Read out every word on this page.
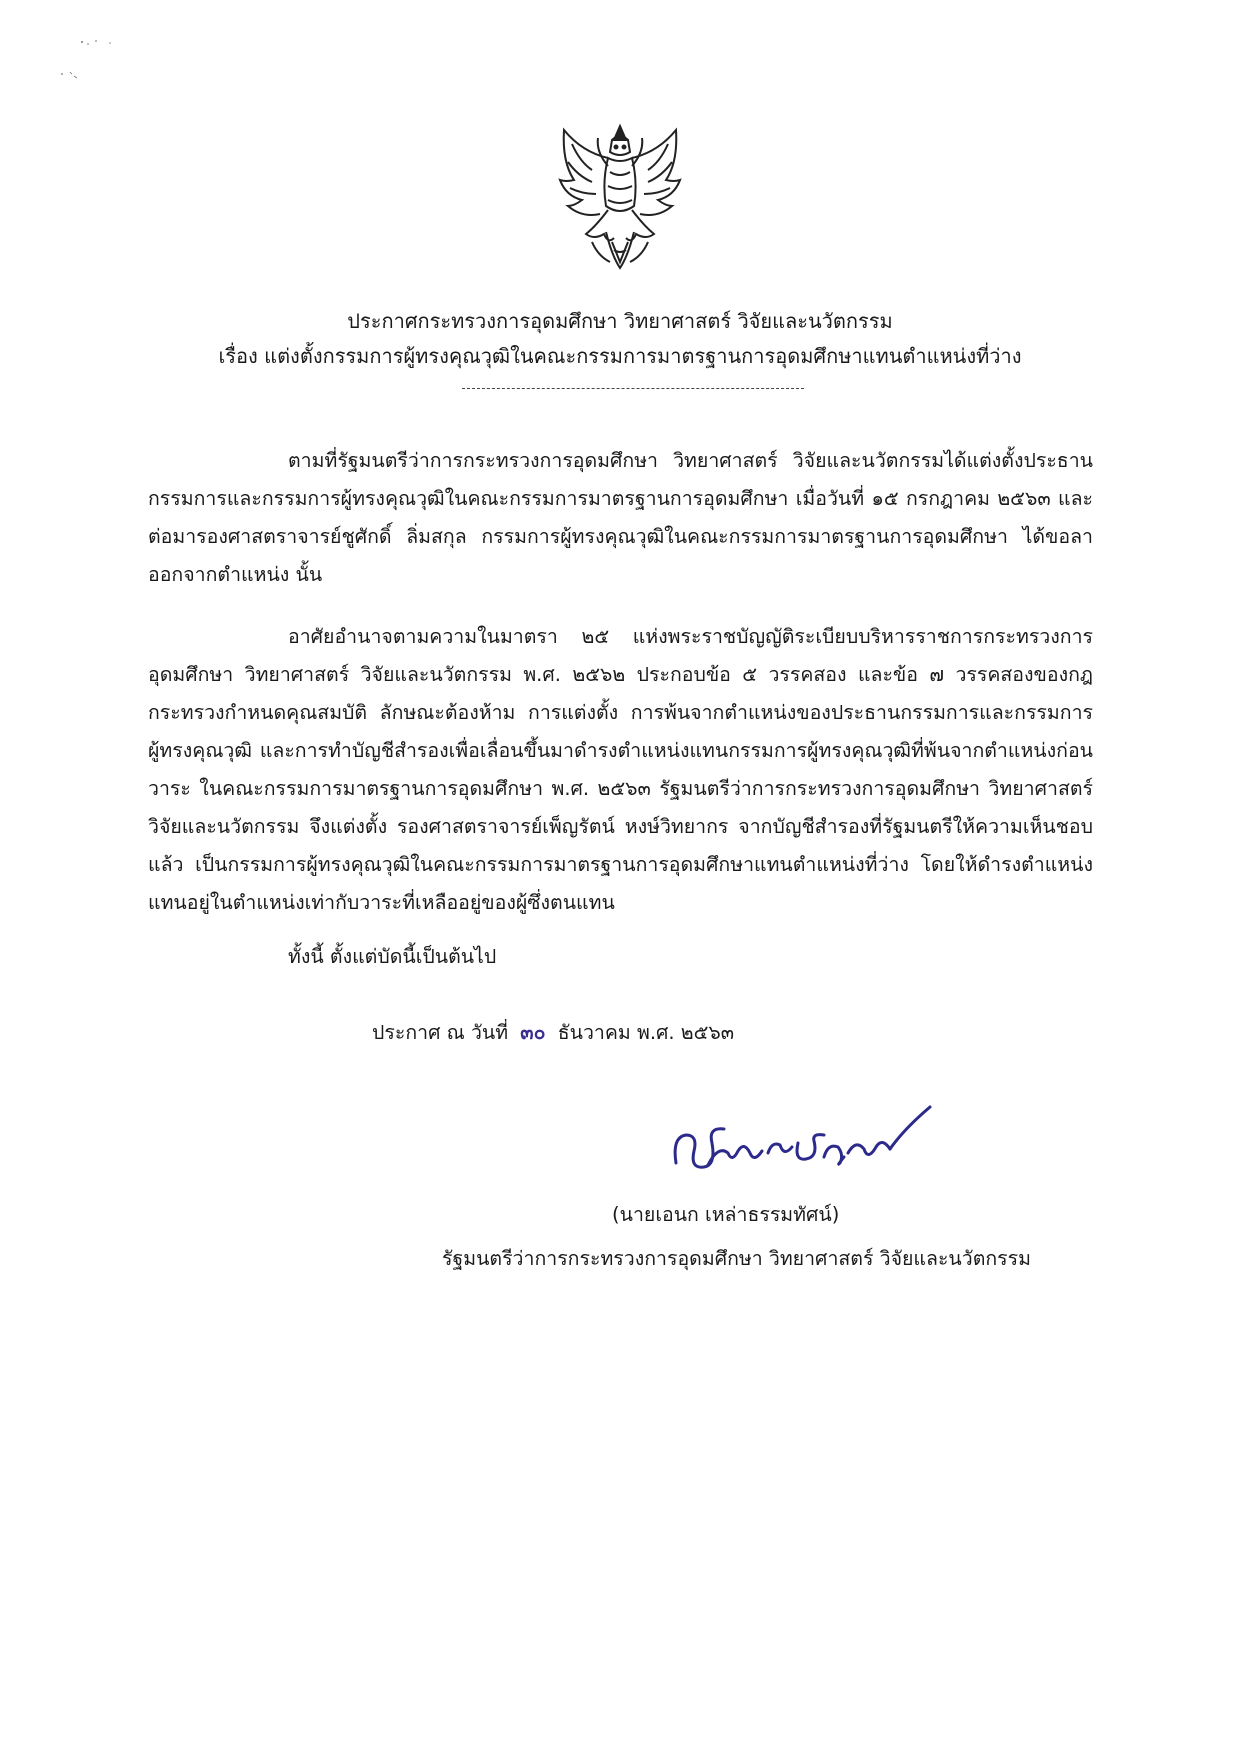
ประกาศกระทรวงการอุดมศึกษา วิทยาศาสตร์ วิจัยและนวัตกรรม
เรื่อง แต่งตั้งกรรมการผู้ทรงคุณวุฒิในคณะกรรมการมาตรฐานการอุดมศึกษาแทนตำแหน่งที่ว่าง

ตามที่รัฐมนตรีว่าการกระทรวงการอุดมศึกษา วิทยาศาสตร์ วิจัยและนวัตกรรมได้แต่งตั้งประธานกรรมการและกรรมการผู้ทรงคุณวุฒิในคณะกรรมการมาตรฐานการอุดมศึกษา เมื่อวันที่ ๑๕ กรกฎาคม ๒๕๖๓ และต่อมารองศาสตราจารย์ชูศักดิ์ ลิ่มสกุล กรรมการผู้ทรงคุณวุฒิในคณะกรรมการมาตรฐานการอุดมศึกษา ได้ขอลาออกจากตำแหน่ง นั้น

อาศัยอำนาจตามความในมาตรา ๒๕ แห่งพระราชบัญญัติระเบียบบริหารราชการกระทรวงการอุดมศึกษา วิทยาศาสตร์ วิจัยและนวัตกรรม พ.ศ. ๒๕๖๒ ประกอบข้อ ๕ วรรคสอง และข้อ ๗ วรรคสองของกฎกระทรวงกำหนดคุณสมบัติ ลักษณะต้องห้าม การแต่งตั้ง การพ้นจากตำแหน่งของประธานกรรมการและกรรมการผู้ทรงคุณวุฒิ และการทำบัญชีสำรองเพื่อเลื่อนขึ้นมาดำรงตำแหน่งแทนกรรมการผู้ทรงคุณวุฒิที่พ้นจากตำแหน่งก่อนวาระ ในคณะกรรมการมาตรฐานการอุดมศึกษา พ.ศ. ๒๕๖๓ รัฐมนตรีว่าการกระทรวงการอุดมศึกษา วิทยาศาสตร์ วิจัยและนวัตกรรม จึงแต่งตั้ง รองศาสตราจารย์เพ็ญรัตน์ หงษ์วิทยากร จากบัญชีสำรองที่รัฐมนตรีให้ความเห็นชอบแล้ว เป็นกรรมการผู้ทรงคุณวุฒิในคณะกรรมการมาตรฐานการอุดมศึกษาแทนตำแหน่งที่ว่าง โดยให้ดำรงตำแหน่งแทนอยู่ในตำแหน่งเท่ากับวาระที่เหลืออยู่ของผู้ซึ่งตนแทน

ทั้งนี้ ตั้งแต่บัดนี้เป็นต้นไป

ประกาศ ณ วันที่ ๓๐ ธันวาคม พ.ศ. ๒๕๖๓
(นายเอนก เหล่าธรรมทัศน์)
รัฐมนตรีว่าการกระทรวงการอุดมศึกษา วิทยาศาสตร์ วิจัยและนวัตกรรม
